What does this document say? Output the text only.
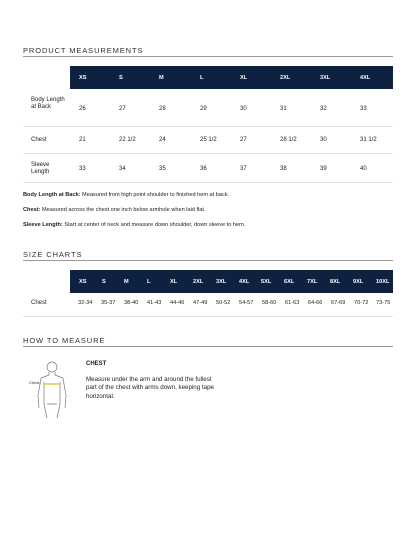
PRODUCT MEASUREMENTS
XS	S	M	L	XL	2XL	3XL	4XL
Body Length at Back	26	27	28	29	30	31	32	33
Chest	21	22 1/2	24	25 1/2	27	28 1/2	30	31 1/2
Sleeve Length	33	34	35	36	37	38	39	40
Body Length at Back: Measured from high point shoulder to finished hem at back.
Chest: Measured across the chest one inch below armhole when laid flat.
Sleeve Length: Start at center of neck and measure down shoulder, down sleeve to hem.
SIZE CHARTS
XS	S	M	L	XL	2XL 3XL 4XL 5XL 6XL 7XL 8XL 9XL 10XL
Chest	32-34	35-37	38-40	41-43	44-46	47-49	50-52	54-57	58-60	61-63	64-66	67-69	70-72	73-75
HOW TO MEASURE
Chest
CHEST
Measure under the arm and around the fullest part of the chest with arms down, keeping tape horizontal.
